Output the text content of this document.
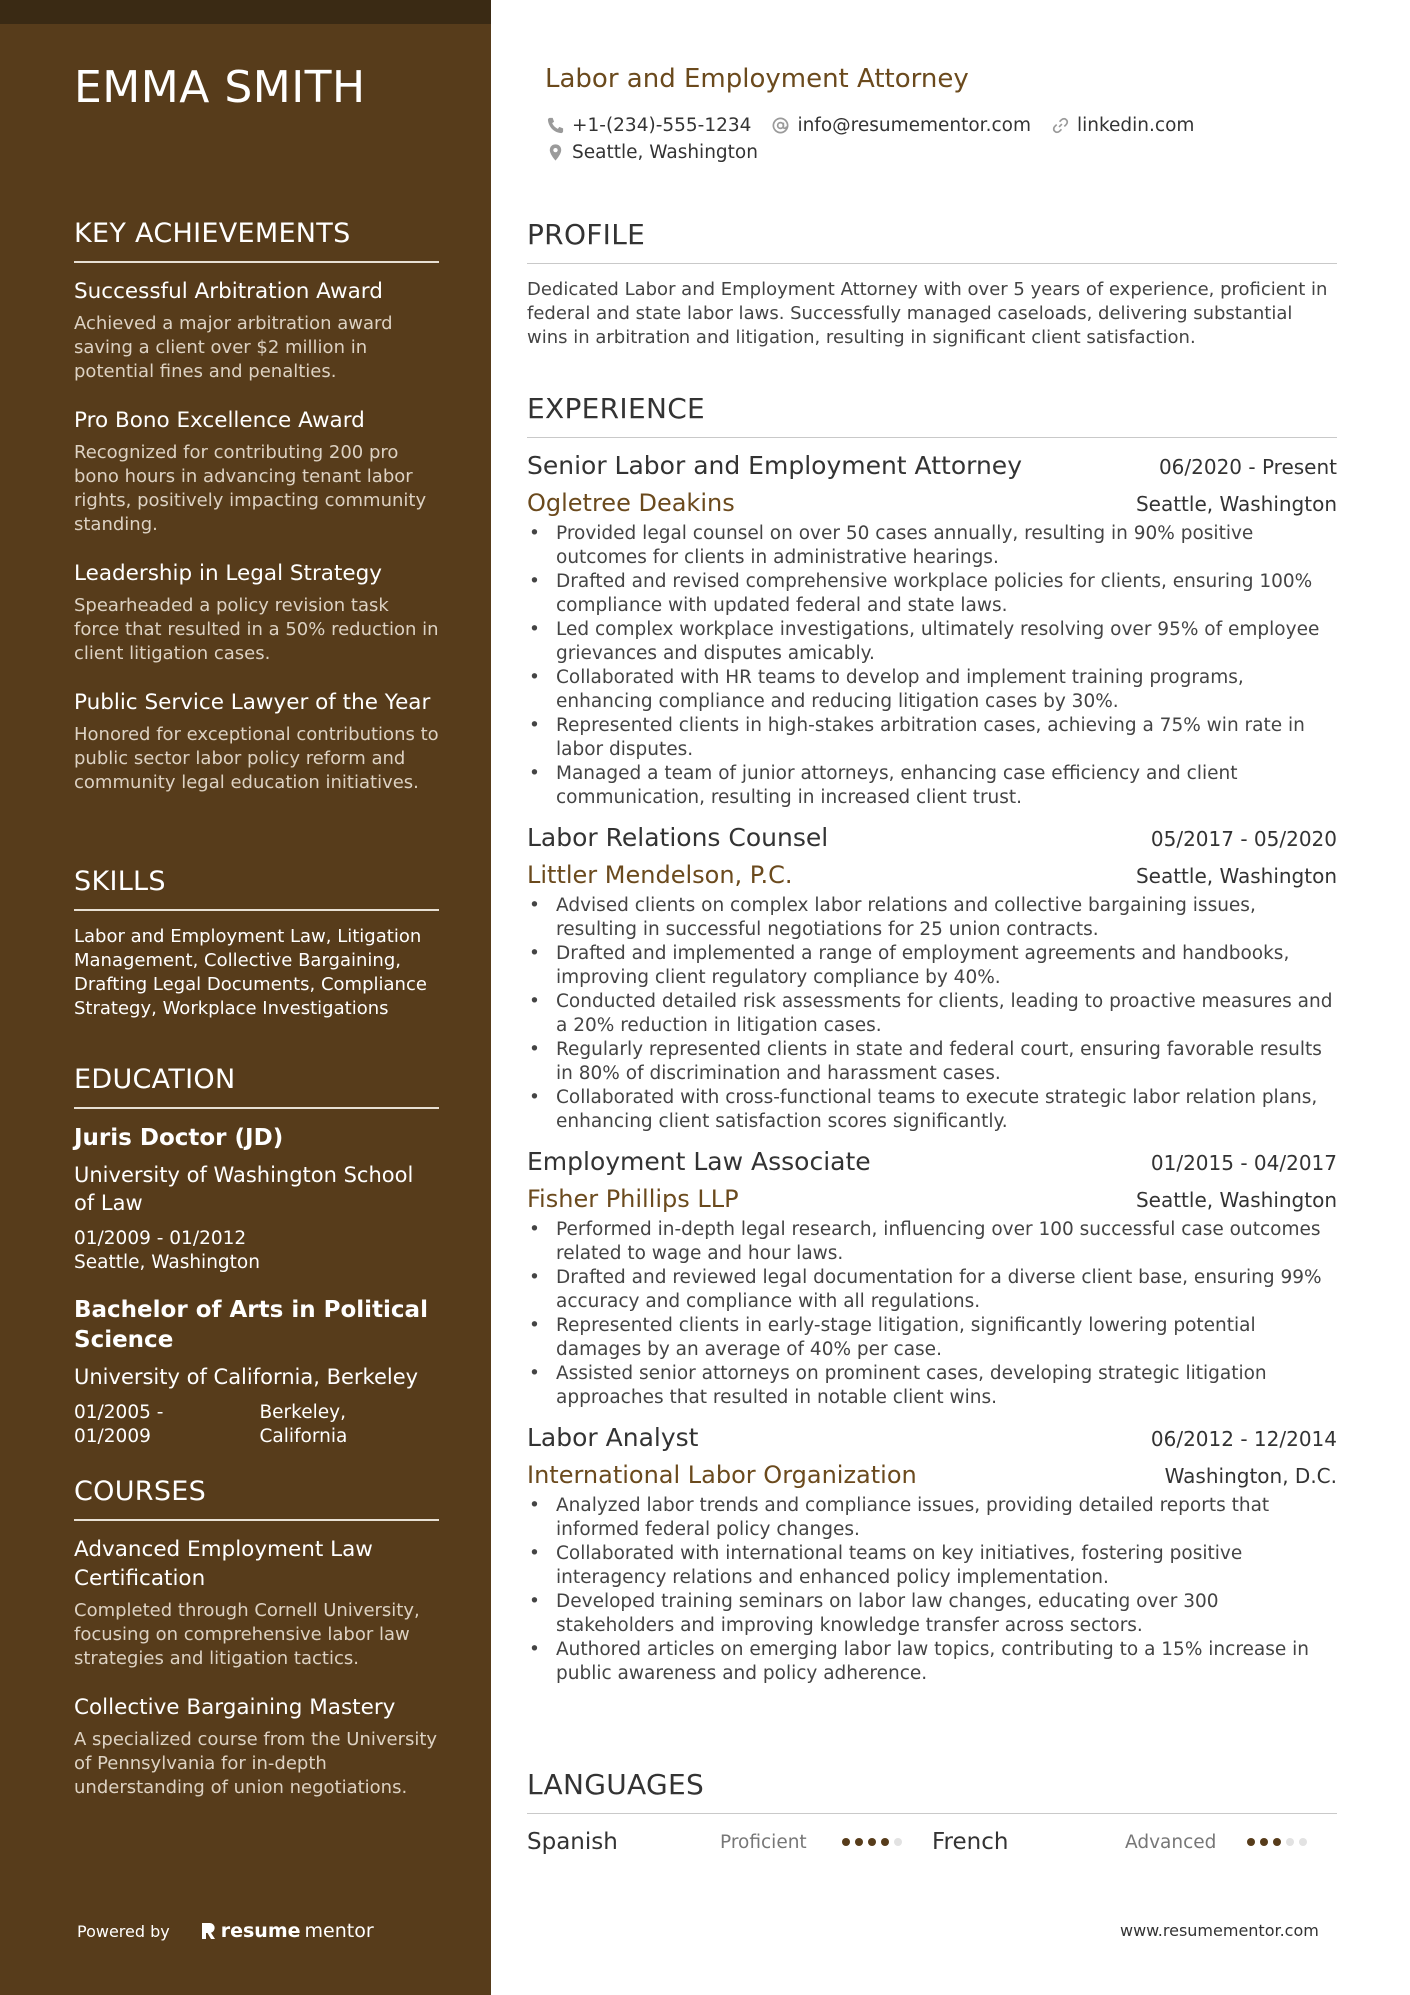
EMMA SMITH
KEY ACHIEVEMENTS
Successful Arbitration Award
Achieved a major arbitration award saving a client over $2 million in potential fines and penalties.
Pro Bono Excellence Award
Recognized for contributing 200 pro bono hours in advancing tenant labor rights, positively impacting community standing.
Leadership in Legal Strategy
Spearheaded a policy revision task force that resulted in a 50% reduction in client litigation cases.
Public Service Lawyer of the Year
Honored for exceptional contributions to public sector labor policy reform and community legal education initiatives.
SKILLS
Labor and Employment Law, Litigation Management, Collective Bargaining, Drafting Legal Documents, Compliance Strategy, Workplace Investigations
EDUCATION
Juris Doctor (JD)
University of Washington School of Law
01/2009 - 01/2012
Seattle, Washington
Bachelor of Arts in Political Science
University of California, Berkeley
01/2005 - 01/2009
Berkeley, California
COURSES
Advanced Employment Law Certification
Completed through Cornell University, focusing on comprehensive labor law strategies and litigation tactics.
Collective Bargaining Mastery
A specialized course from the University of Pennsylvania for in-depth understanding of union negotiations.
Powered by	resume mentor
Labor and Employment Attorney
+1-(234)-555-1234 info@resumementor.com linkedin.com
Seattle, Washington
PROFILE
Dedicated Labor and Employment Attorney with over 5 years of experience, proficient in federal and state labor laws. Successfully managed caseloads, delivering substantial wins in arbitration and litigation, resulting in significant client satisfaction.
EXPERIENCE
Senior Labor and Employment Attorney	06/2020 - Present
Ogletree Deakins	Seattle, Washington
• Provided legal counsel on over 50 cases annually, resulting in 90% positive outcomes for clients in administrative hearings.
• Drafted and revised comprehensive workplace policies for clients, ensuring 100% compliance with updated federal and state laws.
• Led complex workplace investigations, ultimately resolving over 95% of employee grievances and disputes amicably.
• Collaborated with HR teams to develop and implement training programs, enhancing compliance and reducing litigation cases by 30%.
• Represented clients in high-stakes arbitration cases, achieving a 75% win rate in labor disputes.
• Managed a team of junior attorneys, enhancing case efficiency and client communication, resulting in increased client trust.
Labor Relations Counsel	05/2017 - 05/2020
Littler Mendelson, P.C.	Seattle, Washington
• Advised clients on complex labor relations and collective bargaining issues, resulting in successful negotiations for 25 union contracts.
• Drafted and implemented a range of employment agreements and handbooks, improving client regulatory compliance by 40%.
• Conducted detailed risk assessments for clients, leading to proactive measures and a 20% reduction in litigation cases.
• Regularly represented clients in state and federal court, ensuring favorable results in 80% of discrimination and harassment cases.
• Collaborated with cross-functional teams to execute strategic labor relation plans, enhancing client satisfaction scores significantly.
Employment Law Associate	01/2015 - 04/2017
Fisher Phillips LLP	Seattle, Washington
• Performed in-depth legal research, influencing over 100 successful case outcomes related to wage and hour laws.
• Drafted and reviewed legal documentation for a diverse client base, ensuring 99% accuracy and compliance with all regulations.
• Represented clients in early-stage litigation, significantly lowering potential damages by an average of 40% per case.
• Assisted senior attorneys on prominent cases, developing strategic litigation approaches that resulted in notable client wins.
Labor Analyst	06/2012 - 12/2014
International Labor Organization	Washington, D.C.
• Analyzed labor trends and compliance issues, providing detailed reports that informed federal policy changes.
• Collaborated with international teams on key initiatives, fostering positive interagency relations and enhanced policy implementation.
• Developed training seminars on labor law changes, educating over 300 stakeholders and improving knowledge transfer across sectors.
• Authored articles on emerging labor law topics, contributing to a 15% increase in public awareness and policy adherence.
LANGUAGES
Spanish	Proficient	French	Advanced
www.resumementor.com
